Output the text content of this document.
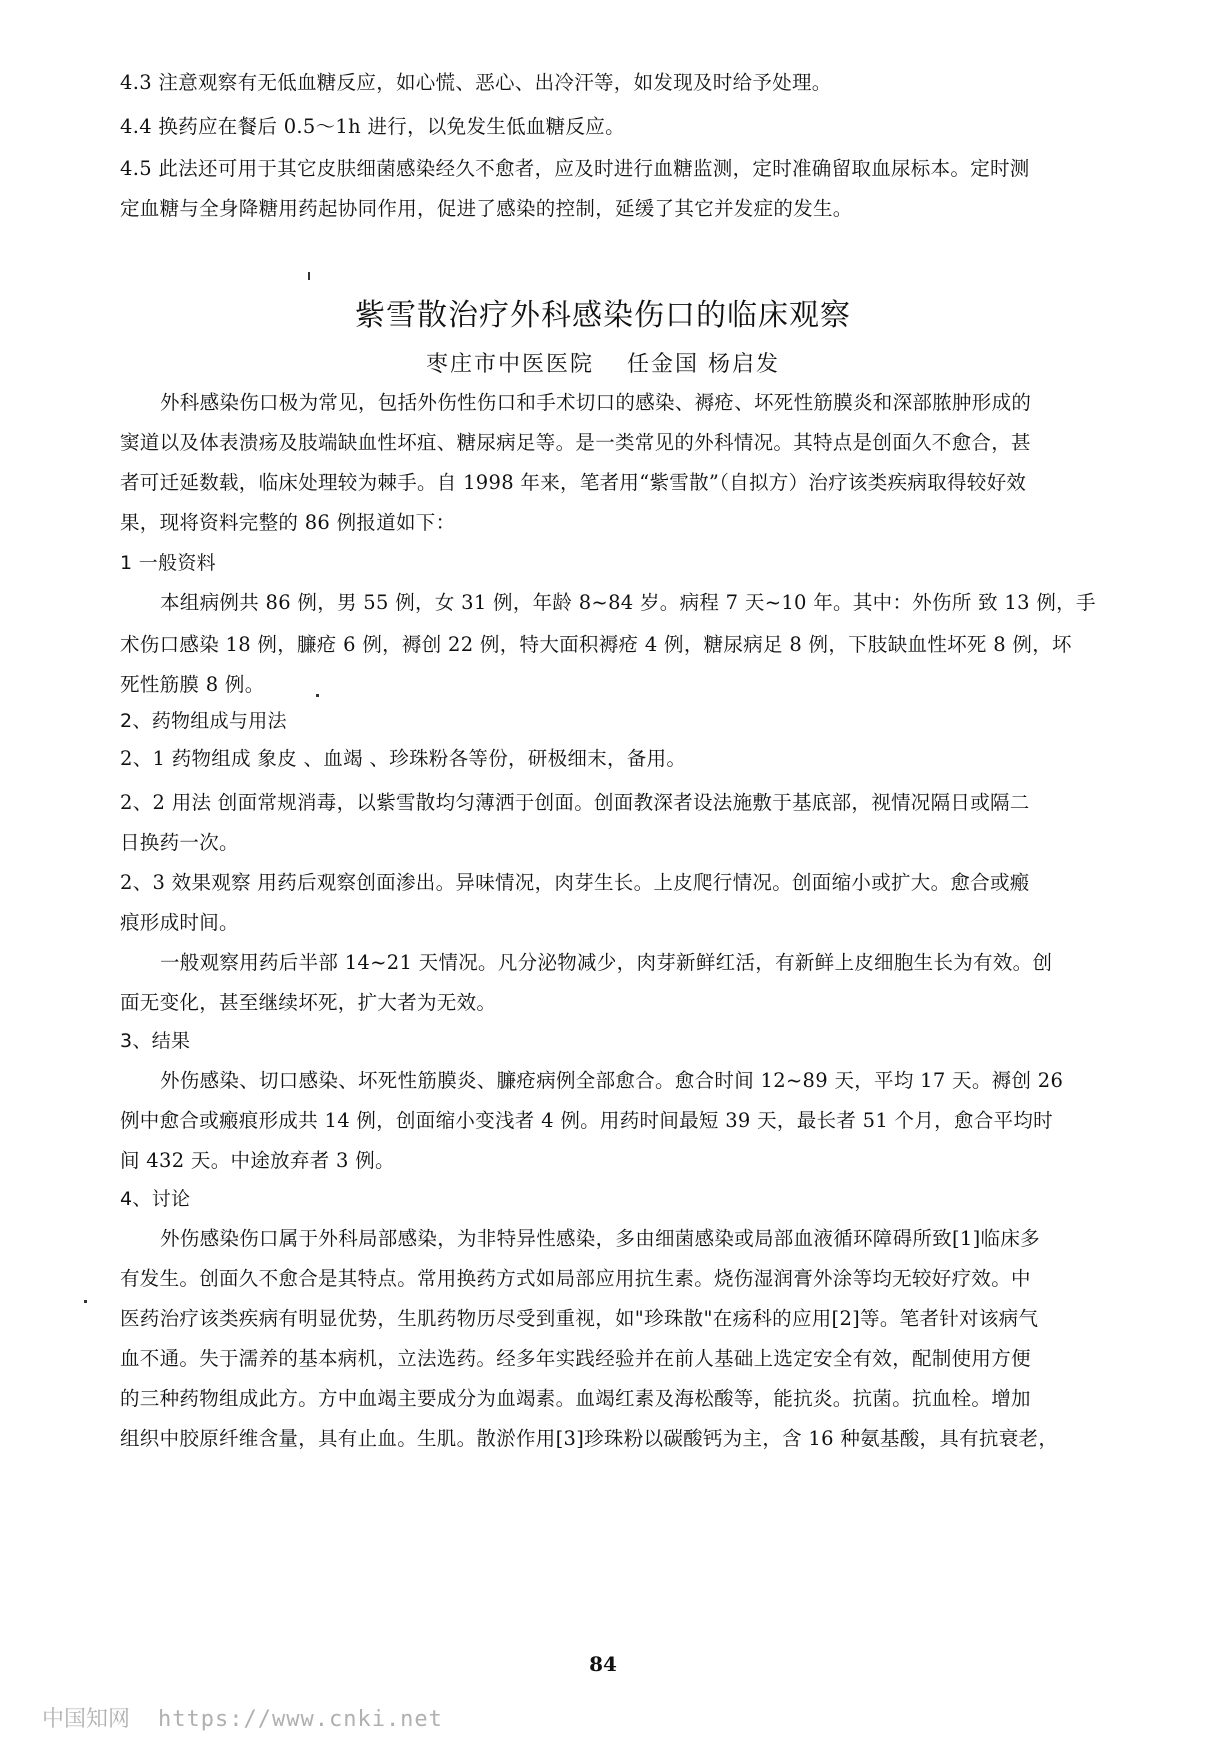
4.3 注意观察有无低血糖反应，如心慌、恶心、出冷汗等，如发现及时给予处理。
4.4 换药应在餐后 0.5～1h 进行，以免发生低血糖反应。
4.5 此法还可用于其它皮肤细菌感染经久不愈者，应及时进行血糖监测，定时准确留取血尿标本。定时测
定血糖与全身降糖用药起协同作用，促进了感染的控制，延缓了其它并发症的发生。
紫雪散治疗外科感染伤口的临床观察
枣庄市中医医院 任金国 杨启发
外科感染伤口极为常见，包括外伤性伤口和手术切口的感染、褥疮、坏死性筋膜炎和深部脓肿形成的
窦道以及体表溃疡及肢端缺血性坏疽、糖尿病足等。是一类常见的外科情况。其特点是创面久不愈合，甚
者可迁延数载，临床处理较为棘手。自 1998 年来，笔者用“紫雪散”（自拟方）治疗该类疾病取得较好效
果，现将资料完整的 86 例报道如下：
1 一般资料
本组病例共 86 例，男 55 例，女 31 例，年龄 8~84 岁。病程 7 天~10 年。其中：外伤所 致 13 例，手
术伤口感染 18 例，臁疮 6 例，褥创 22 例，特大面积褥疮 4 例，糖尿病足 8 例，下肢缺血性坏死 8 例，坏
死性筋膜 8 例。
2、药物组成与用法
2、1 药物组成 象皮 、血竭 、珍珠粉各等份，研极细末，备用。
2、2 用法 创面常规消毒，以紫雪散均匀薄洒于创面。创面教深者设法施敷于基底部，视情况隔日或隔二
日换药一次。
2、3 效果观察 用药后观察创面渗出。异味情况，肉芽生长。上皮爬行情况。创面缩小或扩大。愈合或瘢
痕形成时间。
一般观察用药后半部 14~21 天情况。凡分泌物减少，肉芽新鲜红活，有新鲜上皮细胞生长为有效。创
面无变化，甚至继续坏死，扩大者为无效。
3、结果
外伤感染、切口感染、坏死性筋膜炎、臁疮病例全部愈合。愈合时间 12~89 天，平均 17 天。褥创 26
例中愈合或瘢痕形成共 14 例，创面缩小变浅者 4 例。用药时间最短 39 天，最长者 51 个月，愈合平均时
间 432 天。中途放弃者 3 例。
4、讨论
外伤感染伤口属于外科局部感染，为非特异性感染，多由细菌感染或局部血液循环障碍所致[1]临床多
有发生。创面久不愈合是其特点。常用换药方式如局部应用抗生素。烧伤湿润膏外涂等均无较好疗效。中
医药治疗该类疾病有明显优势，生肌药物历尽受到重视，如"珍珠散"在疡科的应用[2]等。笔者针对该病气
血不通。失于濡养的基本病机，立法选药。经多年实践经验并在前人基础上选定安全有效，配制使用方便
的三种药物组成此方。方中血竭主要成分为血竭素。血竭红素及海松酸等，能抗炎。抗菌。抗血栓。增加
组织中胶原纤维含量，具有止血。生肌。散淤作用[3]珍珠粉以碳酸钙为主，含 16 种氨基酸，具有抗衰老，
84
中国知网 https://www.cnki.net
